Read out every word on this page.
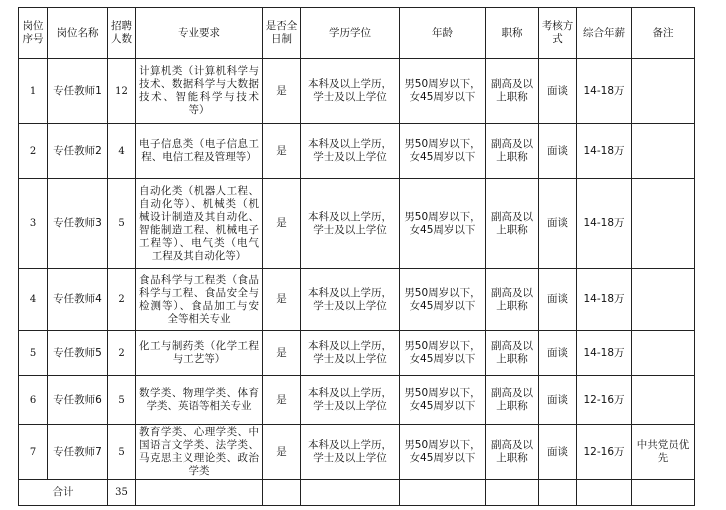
岗位序号	岗位名称	招聘人数	专业要求	是否全日制	学历学位	年龄	职称	考核方式	综合年薪	备注
1	专任教师1	12	计算机类（计算机科学与技术、数据科学与大数据技术、智能科学与技术等）	是	本科及以上学历，学士及以上学位	男50周岁以下，女45周岁以下	副高及以上职称	面谈	14-18万	
2	专任教师2	4	电子信息类（电子信息工程、电信工程及管理等）	是	本科及以上学历，学士及以上学位	男50周岁以下，女45周岁以下	副高及以上职称	面谈	14-18万	
3	专任教师3	5	自动化类（机器人工程、自动化等）、机械类（机械设计制造及其自动化、智能制造工程、机械电子工程等）、电气类（电气工程及其自动化等）	是	本科及以上学历，学士及以上学位	男50周岁以下，女45周岁以下	副高及以上职称	面谈	14-18万	
4	专任教师4	2	食品科学与工程类（食品科学与工程、食品安全与检测等）、食品加工与安全等相关专业	是	本科及以上学历，学士及以上学位	男50周岁以下，女45周岁以下	副高及以上职称	面谈	14-18万	
5	专任教师5	2	化工与制药类（化学工程与工艺等）	是	本科及以上学历，学士及以上学位	男50周岁以下，女45周岁以下	副高及以上职称	面谈	14-18万	
6	专任教师6	5	数学类、物理学类、体育学类、英语等相关专业	是	本科及以上学历，学士及以上学位	男50周岁以下，女45周岁以下	副高及以上职称	面谈	12-16万	
7	专任教师7	5	教育学类、心理学类、中国语言文学类、法学类、马克思主义理论类、政治学类	是	本科及以上学历，学士及以上学位	男50周岁以下，女45周岁以下	副高及以上职称	面谈	12-16万	中共党员优先
合计		35								
